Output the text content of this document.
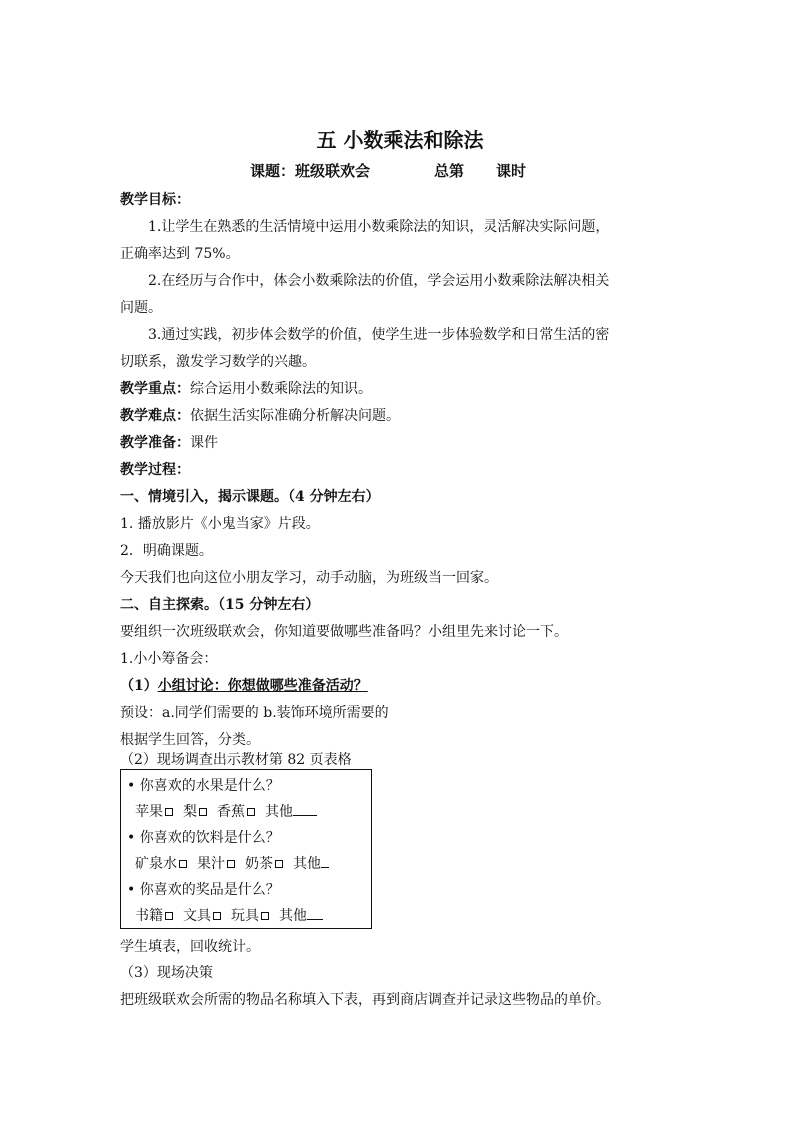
五 小数乘法和除法
课题：班级联欢会	总第 课时
教学目标：
1.让学生在熟悉的生活情境中运用小数乘除法的知识，灵活解决实际问题，
正确率达到 75%。
2.在经历与合作中，体会小数乘除法的价值，学会运用小数乘除法解决相关
问题。
3.通过实践，初步体会数学的价值，使学生进一步体验数学和日常生活的密
切联系，激发学习数学的兴趣。
教学重点：综合运用小数乘除法的知识。
教学难点：依据生活实际准确分析解决问题。
教学准备：课件
教学过程：
一、情境引入，揭示课题。（4 分钟左右）
1. 播放影片《小鬼当家》片段。
2．明确课题。
今天我们也向这位小朋友学习，动手动脑，为班级当一回家。
二、自主探索。（15 分钟左右）
要组织一次班级联欢会，你知道要做哪些准备吗？小组里先来讨论一下。
1.小小筹备会：
（1）小组讨论：你想做哪些准备活动？
预设：a.同学们需要的 b.装饰环境所需要的
根据学生回答，分类。
（2）现场调查出示教材第 82 页表格
• 你喜欢的水果是什么？
苹果 梨 香蕉 其他
• 你喜欢的饮料是什么？
矿泉水 果汁 奶茶 其他
• 你喜欢的奖品是什么？
书籍 文具 玩具 其他
学生填表，回收统计。
（3）现场决策
把班级联欢会所需的物品名称填入下表，再到商店调查并记录这些物品的单价。
